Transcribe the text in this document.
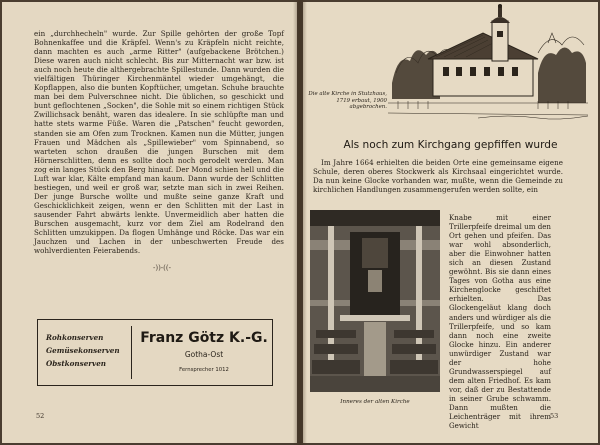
ein „durchhecheln" wurde. Zur Spille gehörten der große Topf Bohnenkaffee und die Kräpfel. Wenn's zu Kräpfeln nicht reichte, dann machten es auch „arme Ritter" (aufgebackene Brötchen.) Diese waren auch nicht schlecht. Bis zur Mitternacht war bzw. ist auch noch heute die althergebrachte Spillestunde. Dann wurden die vielfältigen Thüringer Kirchenmäntel wieder umgehängt, die Kopflappen, also die bunten Kopftücher, umgetan. Schuhe brauchte man bei dem Pulverschnee nicht. Die üblichen, so geschickt und bunt geflochtenen „Socken", die Sohle mit so einem richtigen Stück Zwillichsack benäht, waren das idealere. In sie schlüpfte man und hatte stets warme Füße. Waren die „Patschen" feucht geworden, standen sie am Ofen zum Trocknen. Kamen nun die Mütter, jungen Frauen und Mädchen als „Spillewieber" vom Spinnabend, so warteten schon draußen die jungen Burschen mit dem Hörnerschlitten, denn es sollte doch noch gerodelt werden. Man zog ein langes Stück den Berg hinauf. Der Mond schien hell und die Luft war klar, Kälte empfand man kaum. Dann wurde der Schlitten bestiegen, und weil er groß war, setzte man sich in zwei Reihen. Der junge Bursche wollte und mußte seine ganze Kraft und Geschicklichkeit zeigen, wenn er den Schlitten mit der Last in sausender Fahrt abwärts lenkte. Unvermeidlich aber hatten die Burschen ausgemacht, kurz vor dem Ziel am Rodelrand den Schlitten umzukippen. Da flogen Umhänge und Röcke. Das war ein Jauchzen und Lachen in der unbeschwerten Freude des wohlverdienten Feierabends.

-))-((-
Rohkonserven
Gemüsekonserven
Obstkonserven
Franz Götz K.-G.
Gotha-Ost
Fernsprecher 1012
52
Die alte Kirche in Stutzhaus, 1719 erbaut, 1900 abgebrochen.
Als noch zum Kirchgang gepfiffen wurde

Im Jahre 1664 erhielten die beiden Orte eine gemeinsame eigene Schule, deren oberes Stockwerk als Kirchsaal eingerichtet wurde. Da nun keine Glocke vorhanden war, mußte, wenn die Gemeinde zu kirchlichen Handlungen zusammengerufen werden sollte, ein

Inneres der alten Kirche

Knabe mit einer Trillerpfeife dreimal um den Ort gehen und pfeifen. Das war wohl absonderlich, aber die Einwohner hatten sich an diesen Zustand gewöhnt. Bis sie dann eines Tages von Gotha aus eine Kirchenglocke geschiftet erhielten. Das Glockengeläut klang doch anders und würdiger als die Trillerpfeife, und so kam dann noch eine zweite Glocke hinzu. Ein anderer unwürdiger Zustand war der hohe Grundwasserspiegel auf dem alten Friedhof. Es kam vor, daß der zu Bestattende in seiner Grube schwamm. Dann mußten die Leichenträger mit ihrem Gewicht

53
